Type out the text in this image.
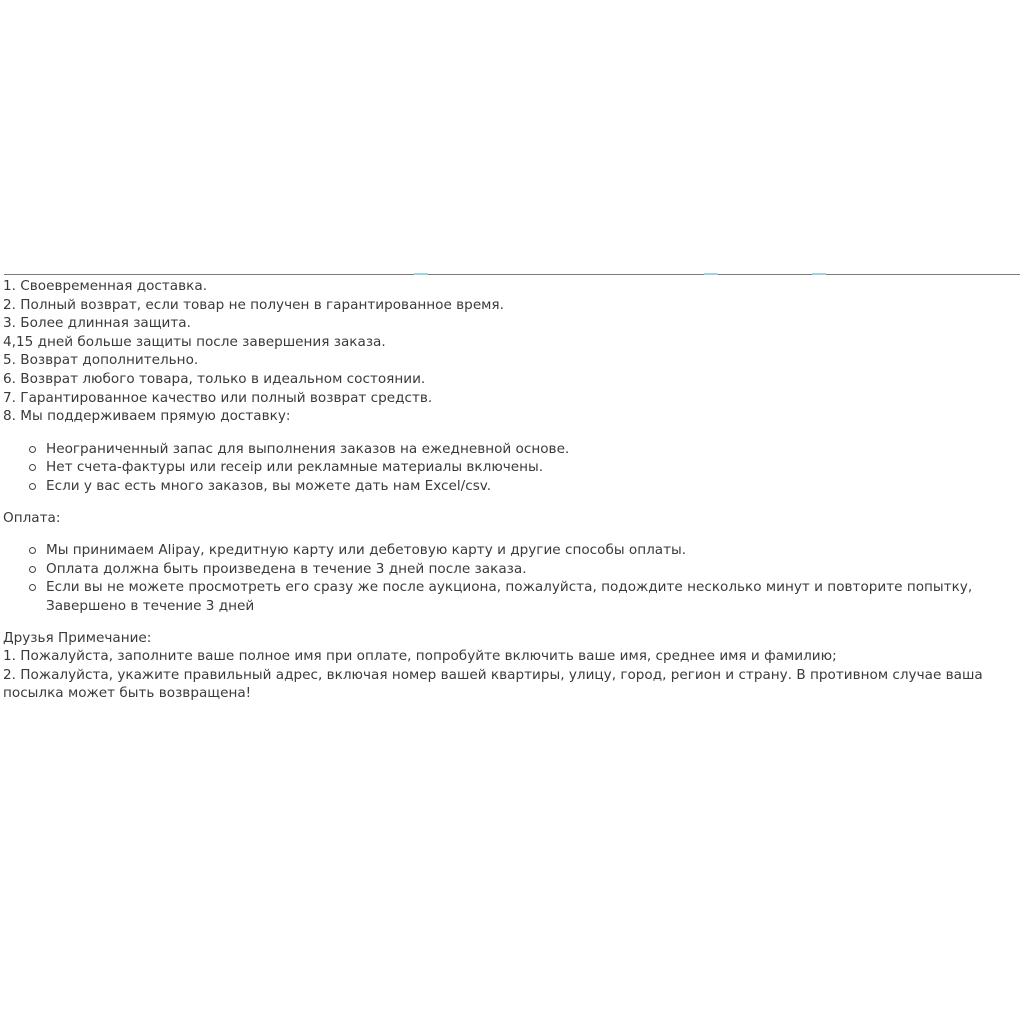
1. Своевременная доставка.
2. Полный возврат, если товар не получен в гарантированное время.
3. Более длинная защита.
4,15 дней больше защиты после завершения заказа.
5. Возврат дополнительно.
6. Возврат любого товара, только в идеальном состоянии.
7. Гарантированное качество или полный возврат средств.
8. Мы поддерживаем прямую доставку:
Неограниченный запас для выполнения заказов на ежедневной основе.
Нет счета-фактуры или receip или рекламные материалы включены.
Если у вас есть много заказов, вы можете дать нам Excel/csv.
Оплата:
Мы принимаем Alipay, кредитную карту или дебетовую карту и другие способы оплаты.
Оплата должна быть произведена в течение 3 дней после заказа.
Если вы не можете просмотреть его сразу же после аукциона, пожалуйста, подождите несколько минут и повторите попытку, Завершено в течение 3 дней
Друзья Примечание:
1. Пожалуйста, заполните ваше полное имя при оплате, попробуйте включить ваше имя, среднее имя и фамилию;
2. Пожалуйста, укажите правильный адрес, включая номер вашей квартиры, улицу, город, регион и страну. В противном случае ваша посылка может быть возвращена!
